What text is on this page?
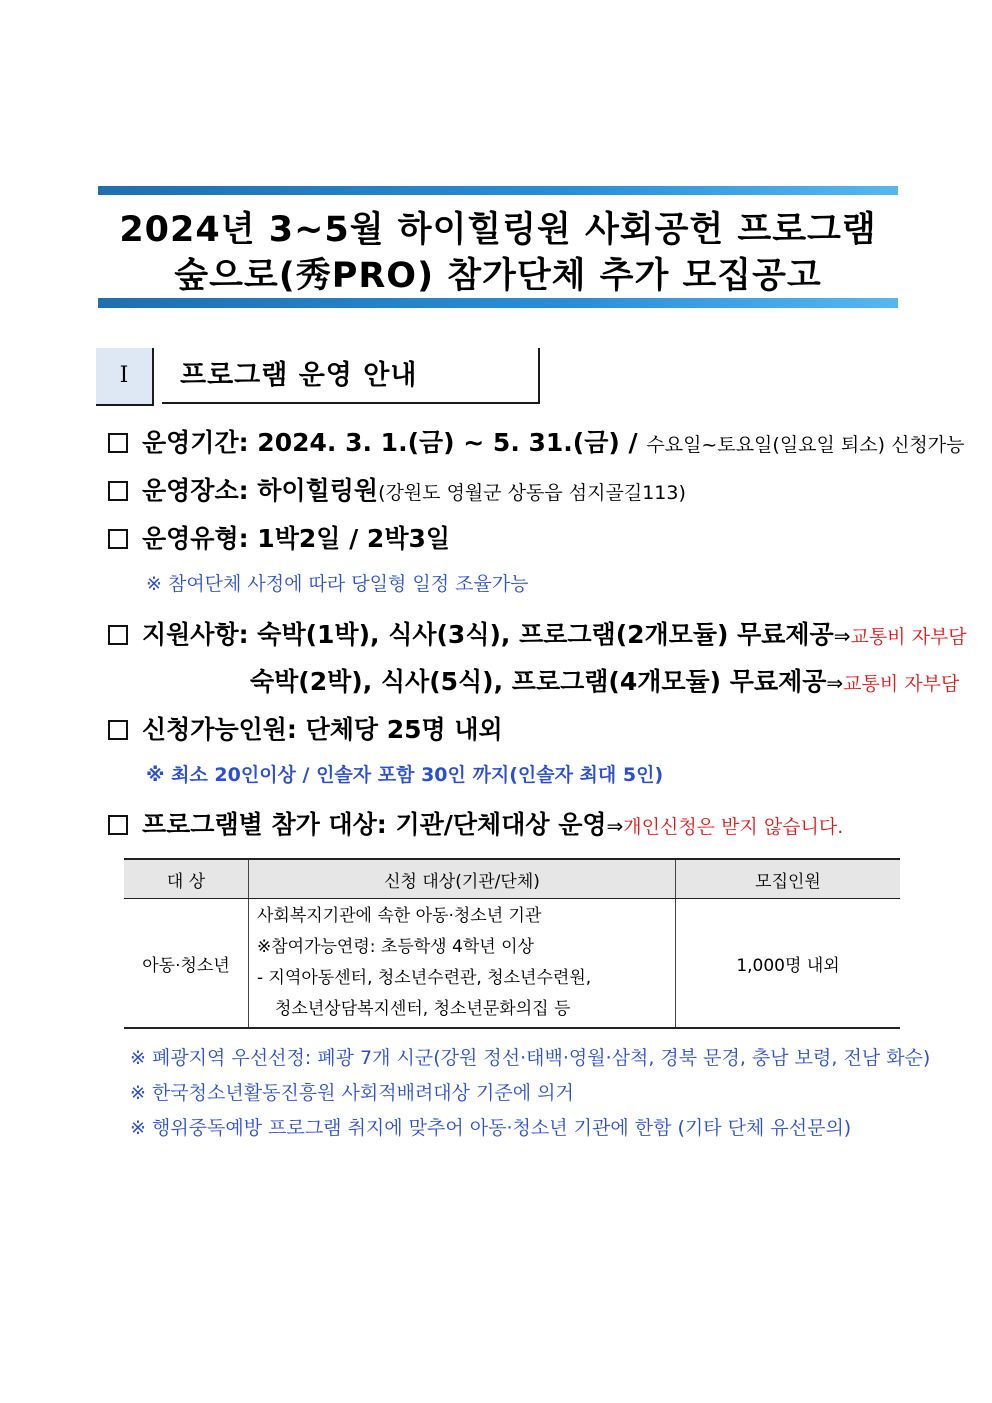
2024년 3~5월 하이힐링원 사회공헌 프로그램
숲으로(秀PRO) 참가단체 추가 모집공고
Ⅰ	프로그램 운영 안내
운영기간: 2024. 3. 1.(금) ~ 5. 31.(금) / 수요일~토요일(일요일 퇴소) 신청가능
운영장소: 하이힐링원(강원도 영월군 상동읍 섬지골길113)
운영유형: 1박2일 / 2박3일
※ 참여단체 사정에 따라 당일형 일정 조율가능
지원사항: 숙박(1박), 식사(3식), 프로그램(2개모듈) 무료제공⇒교통비 자부담
숙박(2박), 식사(5식), 프로그램(4개모듈) 무료제공⇒교통비 자부담
신청가능인원: 단체당 25명 내외
※ 최소 20인이상 / 인솔자 포함 30인 까지(인솔자 최대 5인)
프로그램별 참가 대상: 기관/단체대상 운영⇒개인신청은 받지 않습니다.
대 상	신청 대상(기관/단체)	모집인원
아동·청소년	사회복지기관에 속한 아동·청소년 기관
※참여가능연령: 초등학생 4학년 이상
- 지역아동센터, 청소년수련관, 청소년수련원,
청소년상담복지센터, 청소년문화의집 등	1,000명 내외
※ 폐광지역 우선선정: 폐광 7개 시군(강원 정선·태백·영월·삼척, 경북 문경, 충남 보령, 전남 화순)
※ 한국청소년활동진흥원 사회적배려대상 기준에 의거
※ 행위중독예방 프로그램 취지에 맞추어 아동·청소년 기관에 한함 (기타 단체 유선문의)
